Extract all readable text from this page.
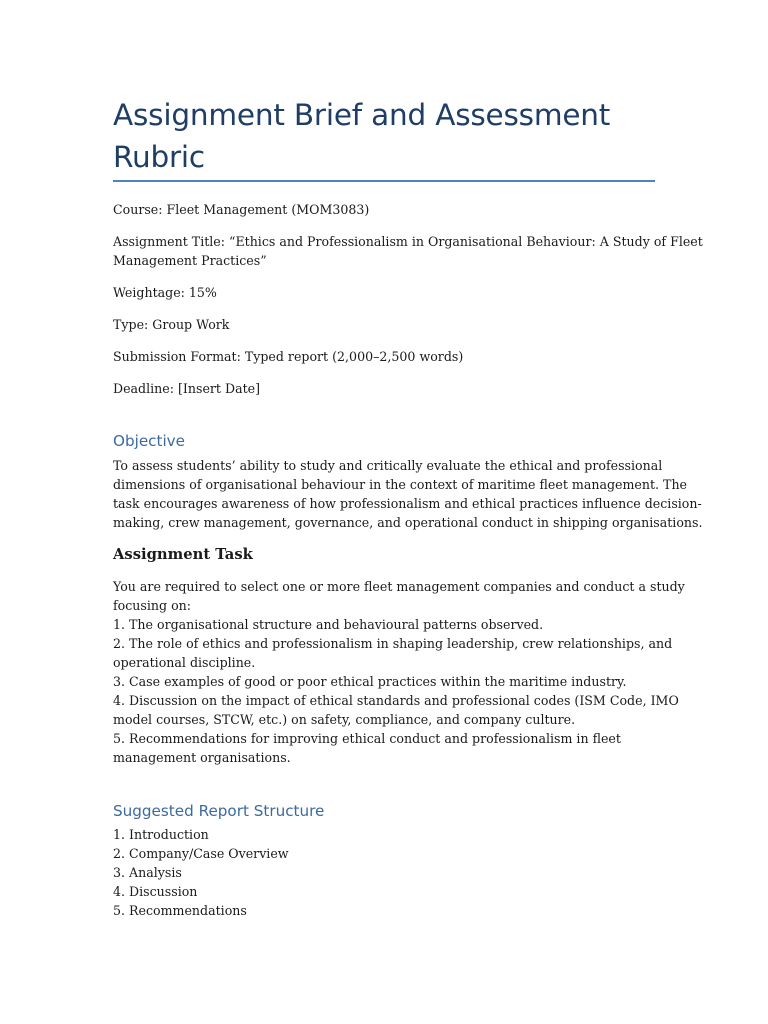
Assignment Brief and Assessment
Rubric

Course: Fleet Management (MOM3083)

Assignment Title: “Ethics and Professionalism in Organisational Behaviour: A Study of Fleet
Management Practices”

Weightage: 15%

Type: Group Work

Submission Format: Typed report (2,000–2,500 words)

Deadline: [Insert Date]

Objective
To assess students’ ability to study and critically evaluate the ethical and professional
dimensions of organisational behaviour in the context of maritime fleet management. The
task encourages awareness of how professionalism and ethical practices influence decision-
making, crew management, governance, and operational conduct in shipping organisations.
Assignment Task
You are required to select one or more fleet management companies and conduct a study
focusing on:
1. The organisational structure and behavioural patterns observed.
2. The role of ethics and professionalism in shaping leadership, crew relationships, and
operational discipline.
3. Case examples of good or poor ethical practices within the maritime industry.
4. Discussion on the impact of ethical standards and professional codes (ISM Code, IMO
model courses, STCW, etc.) on safety, compliance, and company culture.
5. Recommendations for improving ethical conduct and professionalism in fleet
management organisations.
Suggested Report Structure
1. Introduction
2. Company/Case Overview
3. Analysis
4. Discussion
5. Recommendations
